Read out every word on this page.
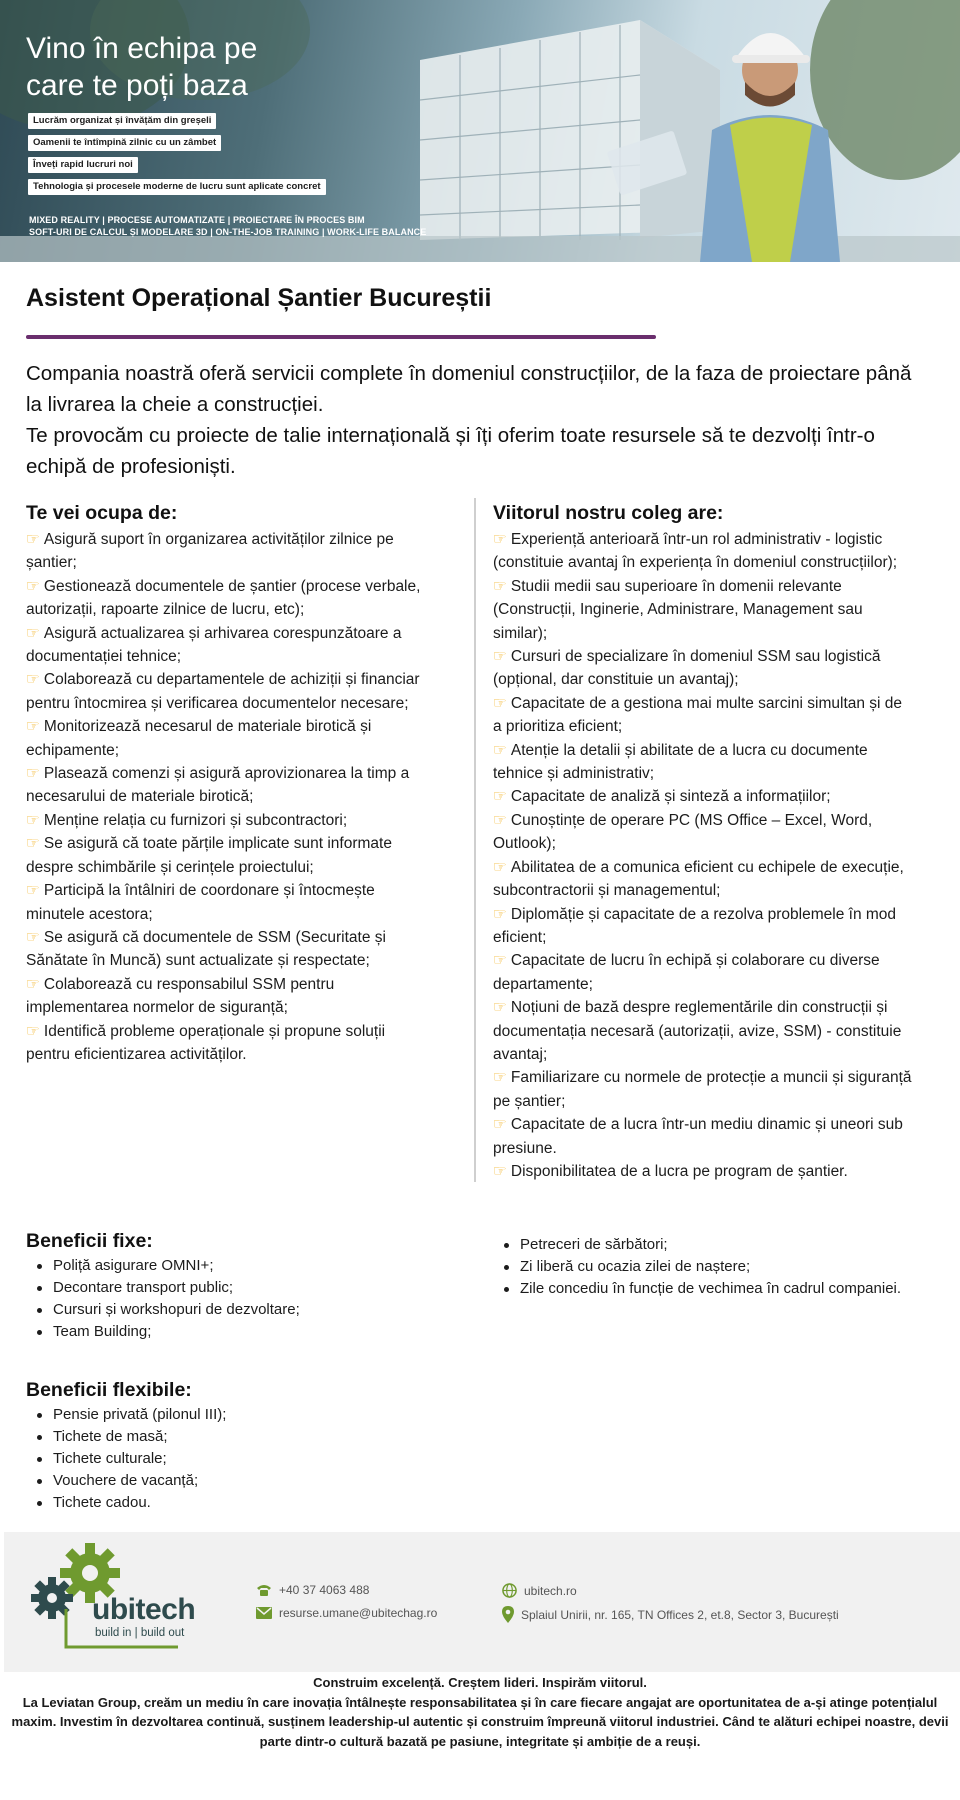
Vino în echipa pe
care te poți baza
Lucrăm organizat și învățăm din greșeli
Oamenii te întîmpină zilnic cu un zâmbet
Înveți rapid lucruri noi
Tehnologia și procesele moderne de lucru sunt aplicate concret
MIXED REALITY | PROCESE AUTOMATIZATE | PROIECTARE ÎN PROCES BIM
SOFT-URI DE CALCUL ȘI MODELARE 3D | ON-THE-JOB TRAINING | WORK-LIFE BALANCE
Asistent Operațional Șantier Bucureștii

Compania noastră oferă servicii complete în domeniul construcțiilor, de la faza de proiectare până la livrarea la cheie a construcției.
Te provocăm cu proiecte de talie internațională și îți oferim toate resursele să te dezvolți într-o echipă de profesioniști.

Te vei ocupa de:
☞ Asigură suport în organizarea activităților zilnice pe șantier;
☞ Gestionează documentele de șantier (procese verbale, autorizații, rapoarte zilnice de lucru, etc);
☞ Asigură actualizarea și arhivarea corespunzătoare a documentației tehnice;
☞ Colaborează cu departamentele de achiziții și financiar pentru întocmirea și verificarea documentelor necesare;
☞ Monitorizează necesarul de materiale birotică și echipamente;
☞ Plasează comenzi și asigură aprovizionarea la timp a necesarului de materiale birotică;
☞ Menține relația cu furnizori și subcontractori;
☞ Se asigură că toate părțile implicate sunt informate despre schimbările și cerințele proiectului;
☞ Participă la întâlniri de coordonare și întocmește minutele acestora;
☞ Se asigură că documentele de SSM (Securitate și Sănătate în Muncă) sunt actualizate și respectate;
☞ Colaborează cu responsabilul SSM pentru implementarea normelor de siguranță;
☞ Identifică probleme operaționale și propune soluții pentru eficientizarea activităților.
Viitorul nostru coleg are:
☞ Experiență anterioară într-un rol administrativ - logistic (constituie avantaj în experiența în domeniul construcțiilor);
☞ Studii medii sau superioare în domenii relevante (Construcții, Inginerie, Administrare, Management sau similar);
☞ Cursuri de specializare în domeniul SSM sau logistică (opțional, dar constituie un avantaj);
☞ Capacitate de a gestiona mai multe sarcini simultan și de a prioritiza eficient;
☞ Atenție la detalii și abilitate de a lucra cu documente tehnice și administrativ;
☞ Capacitate de analiză și sinteză a informațiilor;
☞ Cunoștințe de operare PC (MS Office – Excel, Word, Outlook);
☞ Abilitatea de a comunica eficient cu echipele de execuție, subcontractorii și managementul;
☞ Diplomăție și capacitate de a rezolva problemele în mod eficient;
☞ Capacitate de lucru în echipă și colaborare cu diverse departamente;
☞ Noțiuni de bază despre reglementările din construcții și documentația necesară (autorizații, avize, SSM) - constituie avantaj;
☞ Familiarizare cu normele de protecție a muncii și siguranță pe șantier;
☞ Capacitate de a lucra într-un mediu dinamic și uneori sub presiune.
☞ Disponibilitatea de a lucra pe program de șantier.
Beneficii fixe:
Poliță asigurare OMNI+;
Decontare transport public;
Cursuri și workshopuri de dezvoltare;
Team Building;
Petreceri de sărbători;
Zi liberă cu ocazia zilei de naștere;
Zile concediu în funcție de vechimea în cadrul companiei.
Beneficii flexibile:
Pensie privată (pilonul III);
Tichete de masă;
Tichete culturale;
Vouchere de vacanță;
Tichete cadou.
ubitech
build in | build out
+40 37 4063 488
resurse.umane@ubitechag.ro
ubitech.ro
Splaiul Unirii, nr. 165, TN Offices 2, et.8, Sector 3, București
Construim excelență. Creștem lideri. Inspirăm viitorul.
La Leviatan Group, creăm un mediu în care inovația întâlnește responsabilitatea și în care fiecare angajat are oportunitatea de a-și atinge potențialul maxim. Investim în dezvoltarea continuă, susținem leadership-ul autentic și construim împreună viitorul industriei. Când te alături echipei noastre, devii parte dintr-o cultură bazată pe pasiune, integritate și ambiție de a reuși.
